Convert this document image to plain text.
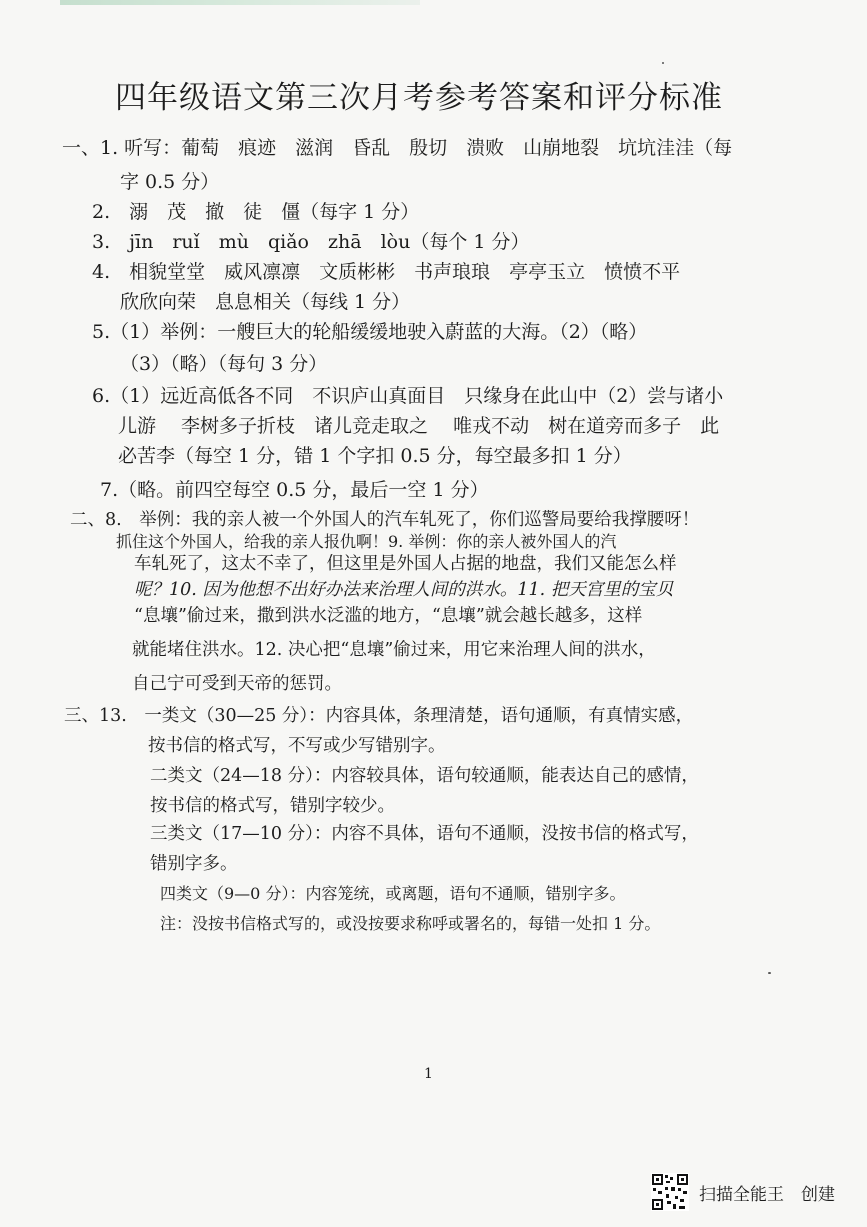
四年级语文第三次月考参考答案和评分标准
一、1. 听写：葡萄　痕迹　滋润　昏乱　殷切　溃败　山崩地裂　坑坑洼洼（每
字 0.5 分）
2.　溺　茂　撤　徒　僵（每字 1 分）
3.　jīn　ruǐ　mù　qiǎo　zhā　lòu（每个 1 分）
4.　相貌堂堂　威风凛凛　文质彬彬　书声琅琅　亭亭玉立　愤愤不平
欣欣向荣　息息相关（每线 1 分）
5.（1）举例：一艘巨大的轮船缓缓地驶入蔚蓝的大海。（2）（略）
（3）（略）（每句 3 分）
6.（1）远近高低各不同　不识庐山真面目　只缘身在此山中（2）尝与诸小
儿游　 李树多子折枝　诸儿竞走取之　 唯戎不动　树在道旁而多子　此
必苦李（每空 1 分，错 1 个字扣 0.5 分，每空最多扣 1 分）
7.（略。前四空每空 0.5 分，最后一空 1 分）
二、8.　举例：我的亲人被一个外国人的汽车轧死了，你们巡警局要给我撑腰呀！
抓住这个外国人，给我的亲人报仇啊！9. 举例：你的亲人被外国人的汽
车轧死了，这太不幸了，但这里是外国人占据的地盘，我们又能怎么样
呢？10. 因为他想不出好办法来治理人间的洪水。11. 把天宫里的宝贝
“息壤”偷过来，撒到洪水泛滥的地方，“息壤”就会越长越多，这样
就能堵住洪水。12. 决心把“息壤”偷过来，用它来治理人间的洪水，
自己宁可受到天帝的惩罚。
三、13.　一类文（30—25 分）：内容具体，条理清楚，语句通顺，有真情实感，
按书信的格式写，不写或少写错别字。
二类文（24—18 分）：内容较具体，语句较通顺，能表达自己的感情，
按书信的格式写，错别字较少。
三类文（17—10 分）：内容不具体，语句不通顺，没按书信的格式写，
错别字多。
四类文（9—0 分）：内容笼统，或离题，语句不通顺，错别字多。
注：没按书信格式写的，或没按要求称呼或署名的，每错一处扣 1 分。
1
扫描全能王　创建
